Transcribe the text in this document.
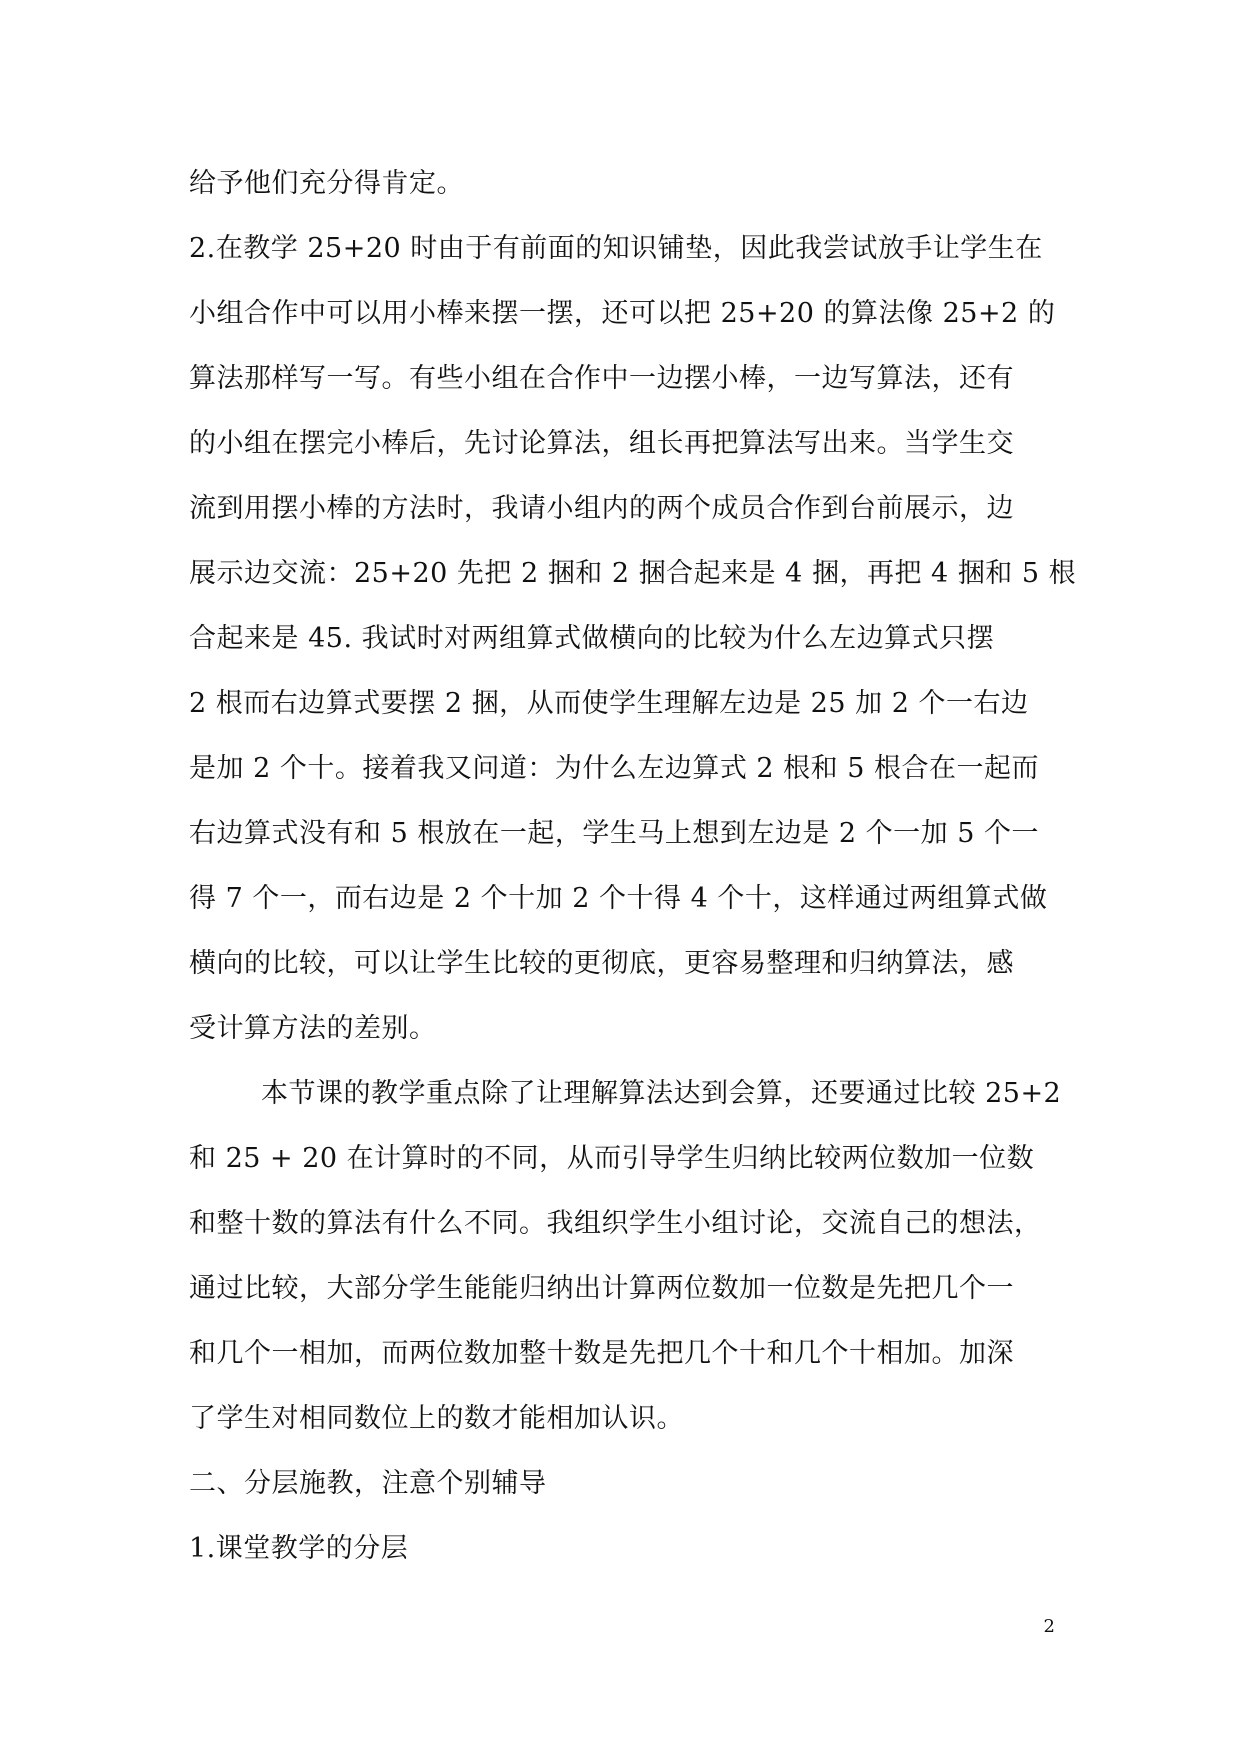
给予他们充分得肯定。
2.在教学 25+20 时由于有前面的知识铺垫，因此我尝试放手让学生在
小组合作中可以用小棒来摆一摆，还可以把 25+20 的算法像 25+2 的
算法那样写一写。有些小组在合作中一边摆小棒，一边写算法，还有
的小组在摆完小棒后，先讨论算法，组长再把算法写出来。当学生交
流到用摆小棒的方法时，我请小组内的两个成员合作到台前展示，边
展示边交流：25+20 先把 2 捆和 2 捆合起来是 4 捆，再把 4 捆和 5 根
合起来是 45. 我试时对两组算式做横向的比较为什么左边算式只摆
2 根而右边算式要摆 2 捆，从而使学生理解左边是 25 加 2 个一右边
是加 2 个十。接着我又问道：为什么左边算式 2 根和 5 根合在一起而
右边算式没有和 5 根放在一起，学生马上想到左边是 2 个一加 5 个一
得 7 个一，而右边是 2 个十加 2 个十得 4 个十，这样通过两组算式做
横向的比较，可以让学生比较的更彻底，更容易整理和归纳算法，感
受计算方法的差别。
本节课的教学重点除了让理解算法达到会算，还要通过比较 25+2
和 25 + 20 在计算时的不同，从而引导学生归纳比较两位数加一位数
和整十数的算法有什么不同。我组织学生小组讨论，交流自己的想法，
通过比较，大部分学生能能归纳出计算两位数加一位数是先把几个一
和几个一相加，而两位数加整十数是先把几个十和几个十相加。加深
了学生对相同数位上的数才能相加认识。
二、分层施教，注意个别辅导
1.课堂教学的分层
2
